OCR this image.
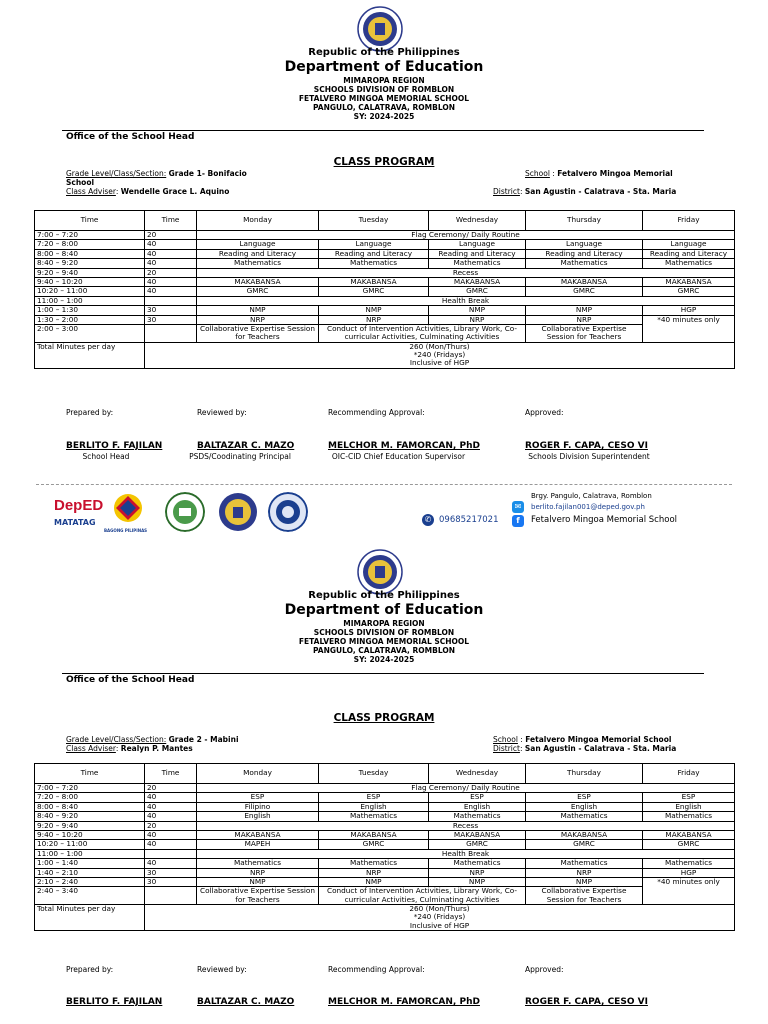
Republic of the Philippines
Department of Education
MIMAROPA REGION
SCHOOLS DIVISION OF ROMBLON
FETALVERO MINGOA MEMORIAL SCHOOL
PANGULO, CALATRAVA, ROMBLON
SY: 2024-2025
Office of the School Head
CLASS PROGRAM
Grade Level/Class/Section: Grade 1- Bonifacio
School
Class Adviser: Wendelle Grace L. Aquino
School : Fetalvero Mingoa Memorial
District: San Agustin - Calatrava - Sta. Maria
Time	Time	Monday	Tuesday	Wednesday	Thursday	Friday
7:00 – 7:20	20	Flag Ceremony/ Daily Routine				
7:20 – 8:00	40	Language	Language	Language	Language	Language
8:00 – 8:40	40	Reading and Literacy	Reading and Literacy	Reading and Literacy	Reading and Literacy	Reading and Literacy
8:40 – 9:20	40	Mathematics	Mathematics	Mathematics	Mathematics	Mathematics
9:20 – 9:40	20	Recess				
9:40 – 10:20	40	MAKABANSA	MAKABANSA	MAKABANSA	MAKABANSA	MAKABANSA
10:20 – 11:00	40	GMRC	GMRC	GMRC	GMRC	GMRC
11:00 – 1:00		Health Break				
1:00 – 1:30	30	NMP	NMP	NMP	NMP	HGP
1:30 – 2:00	30	NRP	NRP	NRP	NRP	*40 minutes only
2:00 – 3:00		Collaborative Expertise Session for Teachers	Conduct of Intervention Activities, Library Work, Co-curricular Activities, Culminating Activities		Collaborative Expertise Session for Teachers	
Total Minutes per day	260 (Mon/Thurs)
*240 (Fridays)
Inclusive of HGP					
Prepared by:	Reviewed by:	Recommending Approval:	Approved:
BERLITO F. FAJILAN	BALTAZAR C. MAZO	MELCHOR M. FAMORCAN, PhD	ROGER F. CAPA, CESO VI
School Head	PSDS/Coodinating Principal	OIC-CID Chief Education Supervisor	Schools Division Superintendent
DepED
MATATAG
BAGONG PILIPINAS
✆ 09685217021
Brgy. Pangulo, Calatrava, Romblon
✉	berlito.fajilan001@deped.gov.ph
f	Fetalvero Mingoa Memorial School
Republic of the Philippines
Department of Education
MIMAROPA REGION
SCHOOLS DIVISION OF ROMBLON
FETALVERO MINGOA MEMORIAL SCHOOL
PANGULO, CALATRAVA, ROMBLON
SY: 2024-2025
Office of the School Head
CLASS PROGRAM
Grade Level/Class/Section: Grade 2 - Mabini
Class Adviser: Realyn P. Mantes
School : Fetalvero Mingoa Memorial School
District: San Agustin - Calatrava - Sta. Maria
Time	Time	Monday	Tuesday	Wednesday	Thursday	Friday
7:00 – 7:20	20	Flag Ceremony/ Daily Routine				
7:20 – 8:00	40	ESP	ESP	ESP	ESP	ESP
8:00 – 8:40	40	Filipino	English	English	English	English
8:40 – 9:20	40	English	Mathematics	Mathematics	Mathematics	Mathematics
9:20 – 9:40	20	Recess				
9:40 – 10:20	40	MAKABANSA	MAKABANSA	MAKABANSA	MAKABANSA	MAKABANSA
10:20 – 11:00	40	MAPEH	GMRC	GMRC	GMRC	GMRC
11:00 – 1:00		Health Break				
1:00 – 1:40	40	Mathematics	Mathematics	Mathematics	Mathematics	Mathematics
1:40 – 2:10	30	NRP	NRP	NRP	NRP	HGP
2:10 – 2:40	30	NMP	NMP	NMP	NMP	*40 minutes only
2:40 – 3:40		Collaborative Expertise Session for Teachers	Conduct of Intervention Activities, Library Work, Co-curricular Activities, Culminating Activities		Collaborative Expertise Session for Teachers	
Total Minutes per day	260 (Mon/Thurs)
*240 (Fridays)
Inclusive of HGP					
Prepared by:	Reviewed by:	Recommending Approval:	Approved:
BERLITO F. FAJILAN	BALTAZAR C. MAZO	MELCHOR M. FAMORCAN, PhD	ROGER F. CAPA, CESO VI
